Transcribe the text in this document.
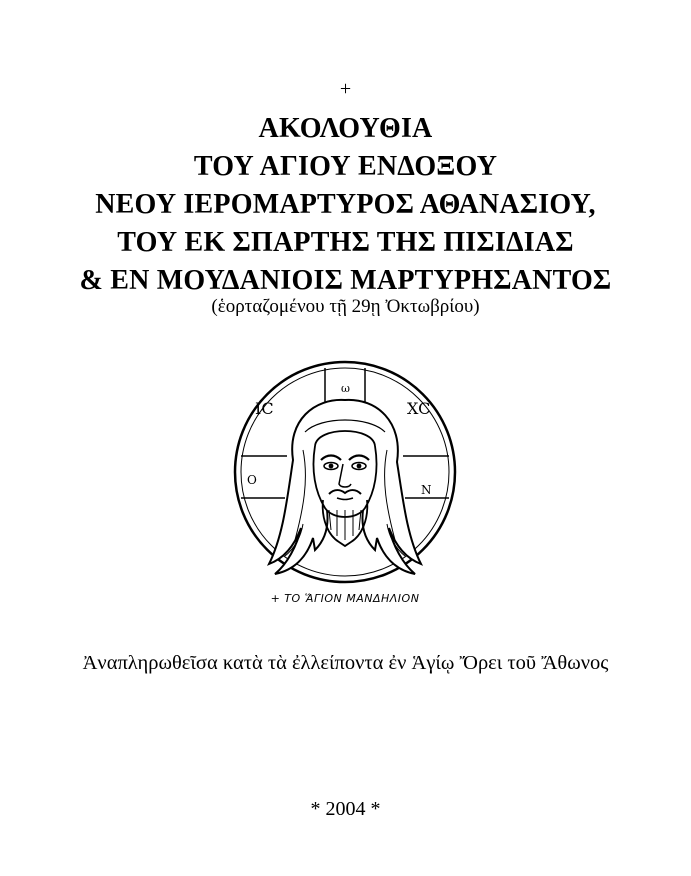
+
ΑΚΟΛΟΥΘΙΑ
ΤΟΥ ΑΓΙΟΥ ΕΝΔΟΞΟΥ
ΝΕΟΥ ΙΕΡΟΜΑΡΤΥΡΟΣ ΑΘΑΝΑΣΙΟΥ,
ΤΟΥ ΕΚ ΣΠΑΡΤΗΣ ΤΗΣ ΠΙΣΙΔΙΑΣ
& ΕΝ ΜΟΥΔΑΝΙΟΙΣ ΜΑΡΤΥΡΗΣΑΝΤΟΣ
(ἑορταζομένου τῇ 29ῃ Ὀκτωβρίου)
IC	XC
ω
Ο
Ν
+ ΤΟ ἍΓΙΟΝ ΜΑΝΔΗΛΙΟΝ
Ἀναπληρωθεῖσα κατὰ τὰ ἐλλείποντα ἐν Ἁγίῳ Ὄρει τοῦ Ἄθωνος
* 2004 *
